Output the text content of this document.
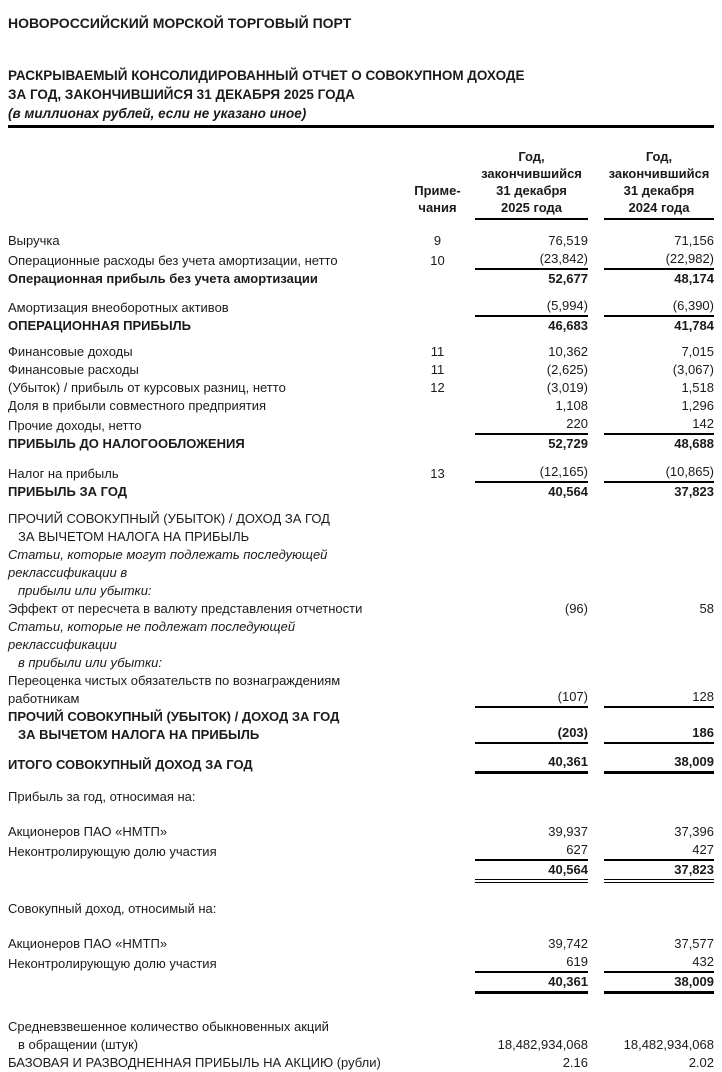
НОВОРОССИЙСКИЙ МОРСКОЙ ТОРГОВЫЙ ПОРТ
РАСКРЫВАЕМЫЙ КОНСОЛИДИРОВАННЫЙ ОТЧЕТ О СОВОКУПНОМ ДОХОДЕ
ЗА ГОД, ЗАКОНЧИВШИЙСЯ 31 ДЕКАБРЯ 2025 ГОДА
(в миллионах рублей, если не указано иное)
Приме-
чания
Год,
закончившийся
31 декабря
2025 года
Год,
закончившийся
31 декабря
2024 года
Выручка	9	76,519	71,156
Операционные расходы без учета амортизации, нетто	10	(23,842)	(22,982)
Операционная прибыль без учета амортизации	52,677	48,174
Амортизация внеоборотных активов	(5,994)	(6,390)
ОПЕРАЦИОННАЯ ПРИБЫЛЬ	46,683	41,784
Финансовые доходы	11	10,362	7,015
Финансовые расходы	11	(2,625)	(3,067)
(Убыток) / прибыль от курсовых разниц, нетто	12	(3,019)	1,518
Доля в прибыли совместного предприятия	1,108	1,296
Прочие доходы, нетто	220	142
ПРИБЫЛЬ ДО НАЛОГООБЛОЖЕНИЯ	52,729	48,688
Налог на прибыль	13	(12,165)	(10,865)
ПРИБЫЛЬ ЗА ГОД	40,564	37,823
ПРОЧИЙ СОВОКУПНЫЙ (УБЫТОК) / ДОХОД ЗА ГОД
ЗА ВЫЧЕТОМ НАЛОГА НА ПРИБЫЛЬ
Статьи, которые могут подлежать последующей реклассификации в
прибыли или убытки:
Эффект от пересчета в валюту представления отчетности	(96)	58
Статьи, которые не подлежат последующей реклассификации
в прибыли или убытки:
Переоценка чистых обязательств по вознаграждениям работникам	(107)	128
ПРОЧИЙ СОВОКУПНЫЙ (УБЫТОК) / ДОХОД ЗА ГОД
ЗА ВЫЧЕТОМ НАЛОГА НА ПРИБЫЛЬ	(203)	186
ИТОГО СОВОКУПНЫЙ ДОХОД ЗА ГОД	40,361	38,009
Прибыль за год, относимая на:
Акционеров ПАО «НМТП»	39,937	37,396
Неконтролирующую долю участия	627	427

40,564	37,823
Совокупный доход, относимый на:
Акционеров ПАО «НМТП»	39,742	37,577
Неконтролирующую долю участия	619	432

40,361	38,009
Средневзвешенное количество обыкновенных акций
в обращении (штук)	18,482,934,068	18,482,934,068
БАЗОВАЯ И РАЗВОДНЕННАЯ ПРИБЫЛЬ НА АКЦИЮ (рубли)	2.16	2.02
